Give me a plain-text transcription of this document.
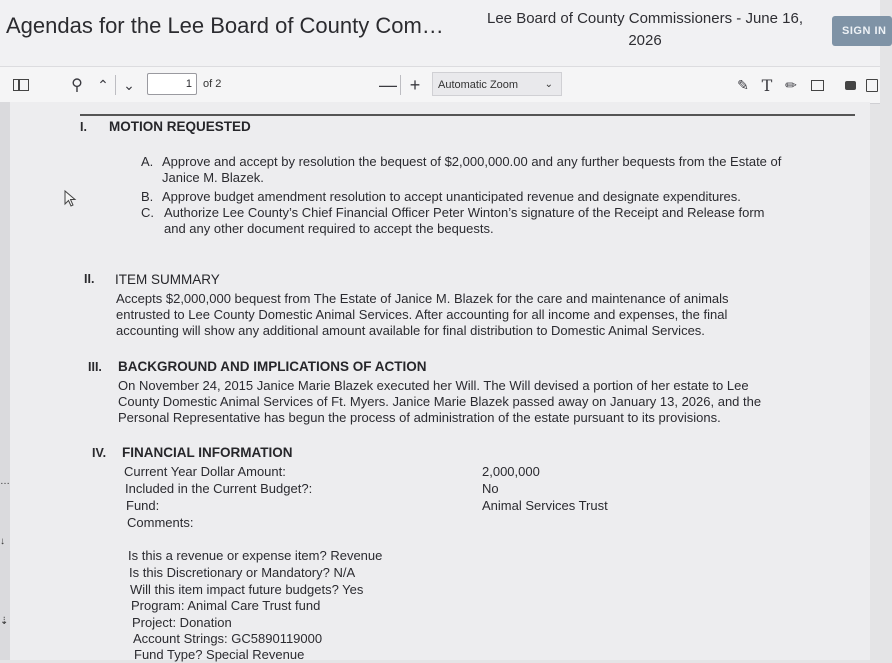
Agendas for the Lee Board of County Com…	Lee Board of County Commissioners - June 16,
2026
SIGN IN
⚲	⌃ ⌄	1	of 2	— +	Automatic Zoom	⌄	✎ T ✏
…
↓
⇣
I. MOTION REQUESTED
A. Approve and accept by resolution the bequest of $2,000,000.00 and any further bequests from the Estate of
Janice M. Blazek.
B. Approve budget amendment resolution to accept unanticipated revenue and designate expenditures.
C. Authorize Lee County’s Chief Financial Officer Peter Winton’s signature of the Receipt and Release form
and any other document required to accept the bequests.
II. ITEM SUMMARY
Accepts $2,000,000 bequest from The Estate of Janice M. Blazek for the care and maintenance of animals
entrusted to Lee County Domestic Animal Services. After accounting for all income and expenses, the final
accounting will show any additional amount available for final distribution to Domestic Animal Services.
III. BACKGROUND AND IMPLICATIONS OF ACTION
On November 24, 2015 Janice Marie Blazek executed her Will. The Will devised a portion of her estate to Lee
County Domestic Animal Services of Ft. Myers. Janice Marie Blazek passed away on January 13, 2026, and the
Personal Representative has begun the process of administration of the estate pursuant to its provisions.
IV. FINANCIAL INFORMATION
Current Year Dollar Amount:	2,000,000
Included in the Current Budget?:	No
Fund:	Animal Services Trust
Comments:
Is this a revenue or expense item? Revenue
Is this Discretionary or Mandatory? N/A
Will this item impact future budgets? Yes
Program: Animal Care Trust fund
Project: Donation
Account Strings: GC5890119000
Fund Type? Special Revenue
